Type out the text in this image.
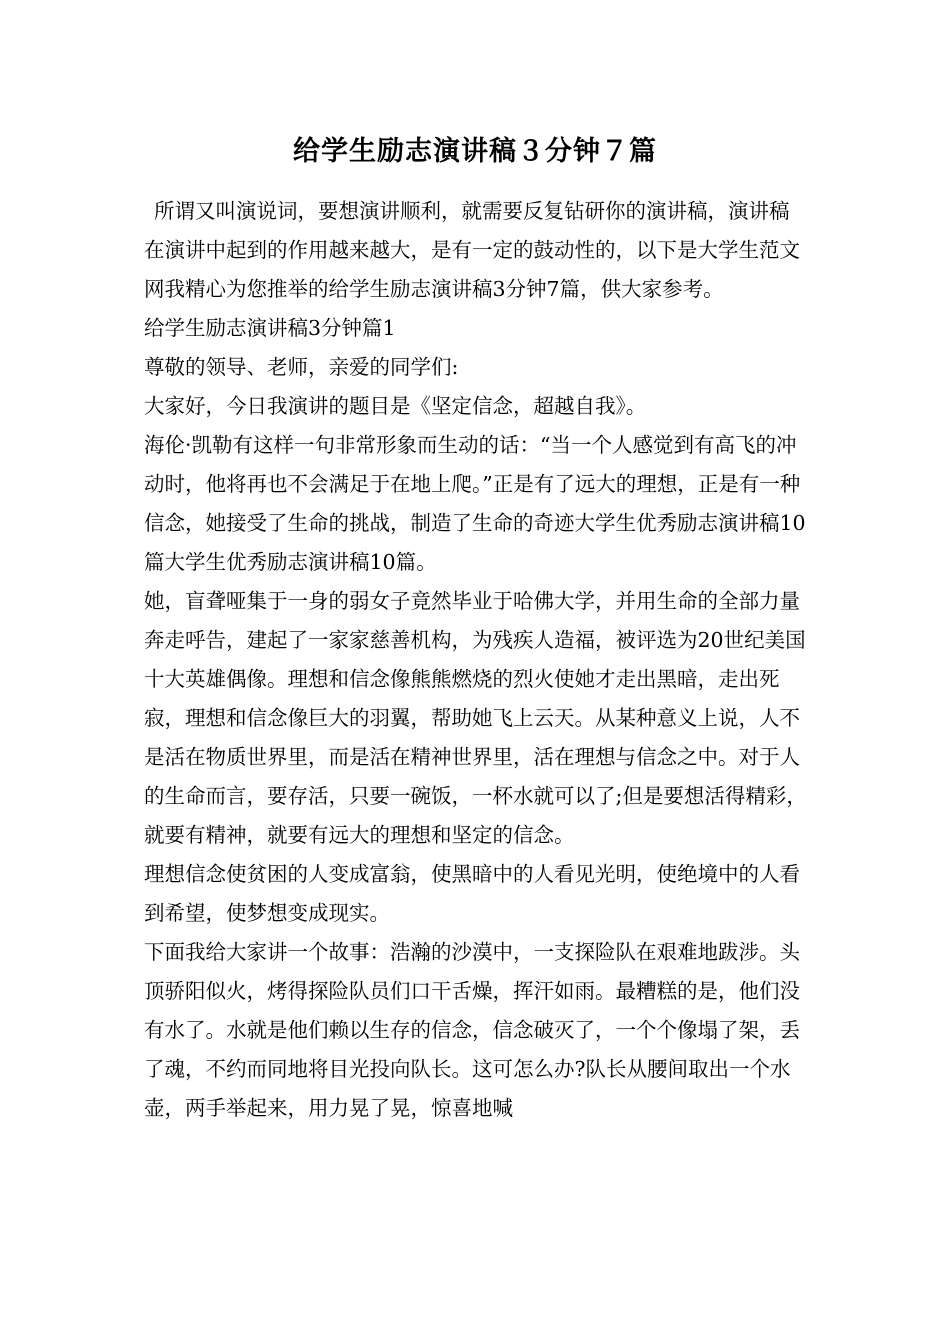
给学生励志演讲稿３分钟７篇

所谓又叫演说词，要想演讲顺利，就需要反复钻研你的演讲稿，演讲稿在演讲中起到的作用越来越大，是有一定的鼓动性的，以下是大学生范文网我精心为您推举的给学生励志演讲稿3分钟7篇，供大家参考。

给学生励志演讲稿3分钟篇1

尊敬的领导、老师，亲爱的同学们:

大家好，今日我演讲的题目是《坚定信念，超越自我》。

海伦·凯勒有这样一句非常形象而生动的话：“当一个人感觉到有高飞的冲动时，他将再也不会满足于在地上爬。”正是有了远大的理想，正是有一种信念，她接受了生命的挑战，制造了生命的奇迹大学生优秀励志演讲稿10篇大学生优秀励志演讲稿10篇。

她，盲聋哑集于一身的弱女子竟然毕业于哈佛大学，并用生命的全部力量奔走呼告，建起了一家家慈善机构，为残疾人造福，被评选为20世纪美国十大英雄偶像。理想和信念像熊熊燃烧的烈火使她才走出黑暗，走出死寂，理想和信念像巨大的羽翼，帮助她飞上云天。从某种意义上说，人不是活在物质世界里，而是活在精神世界里，活在理想与信念之中。对于人的生命而言，要存活，只要一碗饭，一杯水就可以了;但是要想活得精彩，就要有精神，就要有远大的理想和坚定的信念。

理想信念使贫困的人变成富翁，使黑暗中的人看见光明，使绝境中的人看到希望，使梦想变成现实。

下面我给大家讲一个故事：浩瀚的沙漠中，一支探险队在艰难地跋涉。头顶骄阳似火，烤得探险队员们口干舌燥，挥汗如雨。最糟糕的是，他们没有水了。水就是他们赖以生存的信念，信念破灭了，一个个像塌了架，丢了魂，不约而同地将目光投向队长。这可怎么办?队长从腰间取出一个水壶，两手举起来，用力晃了晃，惊喜地喊
